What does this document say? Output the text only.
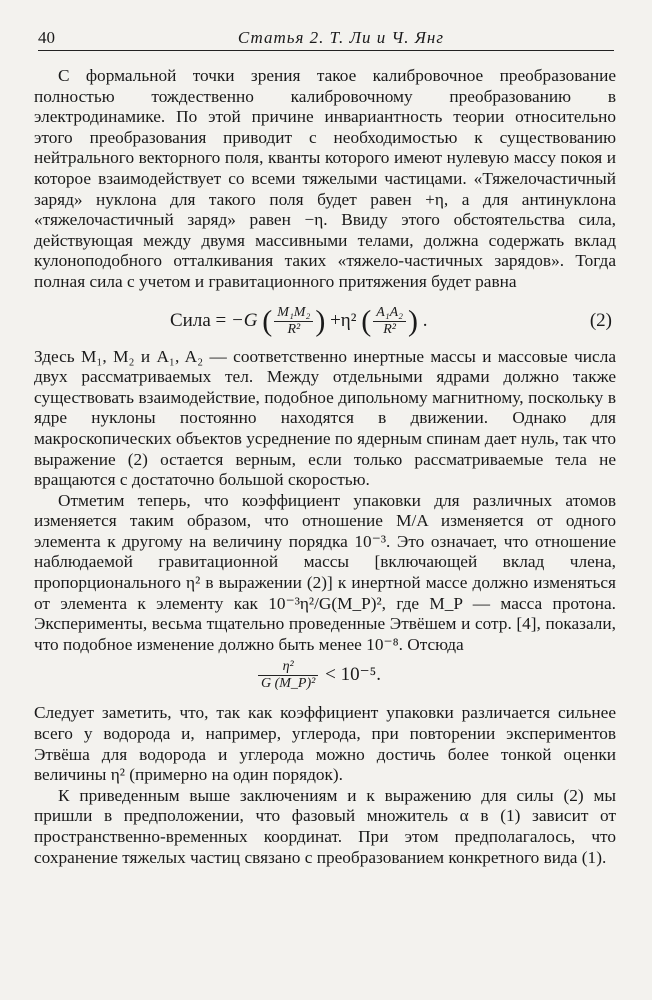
40	Статья 2. Т. Ли и Ч. Янг

С формальной точки зрения такое калибровочное преобразование полностью тождественно калибровочному преобразованию в электродинамике. По этой причине инвариантность теории относительно этого преобразования приводит с необходимостью к существованию нейтрального векторного поля, кванты которого имеют нулевую массу покоя и которое взаимодействует со всеми тяжелыми частицами. «Тяжелочастичный заряд» нуклона для такого поля будет равен +η, а для антинуклона «тяжелочастичный заряд» равен −η. Ввиду этого обстоятельства сила, действующая между двумя массивными телами, должна содержать вклад кулоноподобного отталкивания таких «тяжело-частичных зарядов». Тогда полная сила с учетом и гравитационного притяжения будет равна

Сила = −G ( $\frac{\text{M₁M₂}}{\text{R²}}$ ) +η² ( $\frac{\text{A₁A₂}}{\text{R²}}$ ) .	(2)

Здесь M₁, M₂ и A₁, A₂ — соответственно инертные массы и массовые числа двух рассматриваемых тел. Между отдельными ядрами должно также существовать взаимодействие, подобное дипольному магнитному, поскольку в ядре нуклоны постоянно находятся в движении. Однако для макроскопических объектов усреднение по ядерным спинам дает нуль, так что выражение (2) остается верным, если только рассматриваемые тела не вращаются с достаточно большой скоростью.

Отметим теперь, что коэффициент упаковки для различных атомов изменяется таким образом, что отношение M/A изменяется от одного элемента к другому на величину порядка 10⁻³. Это означает, что отношение наблюдаемой гравитационной массы [включающей вклад члена, пропорционального η² в выражении (2)] к инертной массе должно изменяться от элемента к элементу как 10⁻³η²/G(M_P)², где M_P — масса протона. Эксперименты, весьма тщательно проведенные Этвёшем и сотр. [4], показали, что подобное изменение должно быть менее 10⁻⁸. Отсюда

$\frac{\text{η²}}{\text{G (M\_P)²}} < 10^{-5}$.

Следует заметить, что, так как коэффициент упаковки различается сильнее всего у водорода и, например, углерода, при повторении экспериментов Этвёша для водорода и углерода можно достичь более тонкой оценки величины η² (примерно на один порядок).

К приведенным выше заключениям и к выражению для силы (2) мы пришли в предположении, что фазовый множитель α в (1) зависит от пространственно-временных координат. При этом предполагалось, что сохранение тяжелых частиц связано с преобразованием конкретного вида (1).
